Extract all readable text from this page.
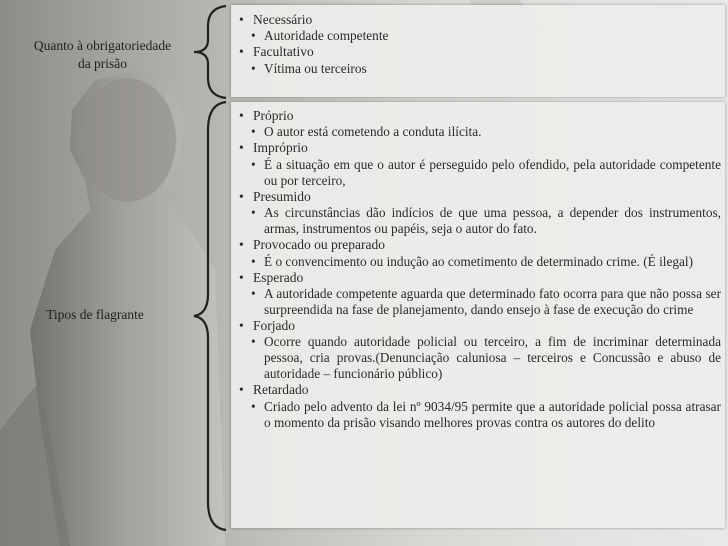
Quanto à obrigatoriedade da prisão
Tipos de flagrante
• Necessário
• Autoridade competente
• Facultativo
• Vítima ou terceiros
• Próprio
• O autor está cometendo a conduta ilícita.
• Impróprio
• É a situação em que o autor é perseguido pelo ofendido, pela autoridade competente ou por terceiro,
• Presumido
• As circunstâncias dão indícios de que uma pessoa, a depender dos instrumentos, armas, instrumentos ou papéis, seja o autor do fato.
• Provocado ou preparado
• É o convencimento ou indução ao cometimento de determinado crime. (É ilegal)
• Esperado
• A autoridade competente aguarda que determinado fato ocorra para que não possa ser surpreendida na fase de planejamento, dando ensejo à fase de execução do crime
• Forjado
• Ocorre quando autoridade policial ou terceiro, a fim de incriminar determinada pessoa, cria provas.(Denunciação caluniosa – terceiros e Concussão e abuso de autoridade – funcionário público)
• Retardado
• Criado pelo advento da lei nº 9034/95 permite que a autoridade policial possa atrasar o momento da prisão visando melhores provas contra os autores do delito
